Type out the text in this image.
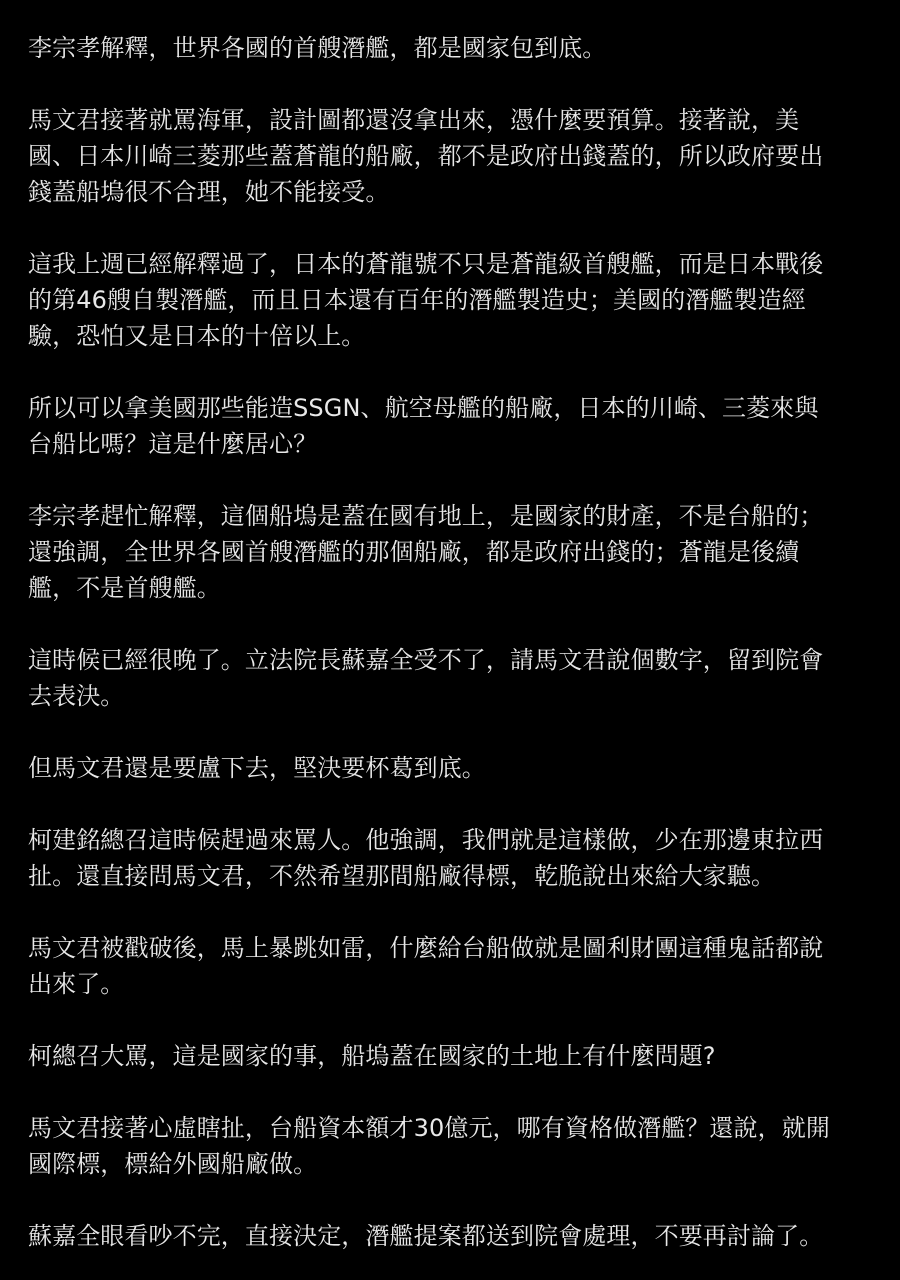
李宗孝解釋，世界各國的首艘潛艦，都是國家包到底。

馬文君接著就罵海軍，設計圖都還沒拿出來，憑什麼要預算。接著說，美
國、日本川崎三菱那些蓋蒼龍的船廠，都不是政府出錢蓋的，所以政府要出
錢蓋船塢很不合理，她不能接受。

這我上週已經解釋過了，日本的蒼龍號不只是蒼龍級首艘艦，而是日本戰後
的第46艘自製潛艦，而且日本還有百年的潛艦製造史；美國的潛艦製造經
驗，恐怕又是日本的十倍以上。

所以可以拿美國那些能造SSGN、航空母艦的船廠，日本的川崎、三菱來與
台船比嗎？這是什麼居心？

李宗孝趕忙解釋，這個船塢是蓋在國有地上，是國家的財產，不是台船的；
還強調，全世界各國首艘潛艦的那個船廠，都是政府出錢的；蒼龍是後續
艦，不是首艘艦。

這時候已經很晚了。立法院長蘇嘉全受不了，請馬文君說個數字，留到院會
去表決。

但馬文君還是要盧下去，堅決要杯葛到底。

柯建銘總召這時候趕過來罵人。他強調，我們就是這樣做，少在那邊東拉西
扯。還直接問馬文君，不然希望那間船廠得標，乾脆說出來給大家聽。

馬文君被戳破後，馬上暴跳如雷，什麼給台船做就是圖利財團這種鬼話都說
出來了。

柯總召大罵，這是國家的事，船塢蓋在國家的土地上有什麼問題?

馬文君接著心虛瞎扯，台船資本額才30億元，哪有資格做潛艦？還說，就開
國際標，標給外國船廠做。

蘇嘉全眼看吵不完，直接決定，潛艦提案都送到院會處理，不要再討論了。
